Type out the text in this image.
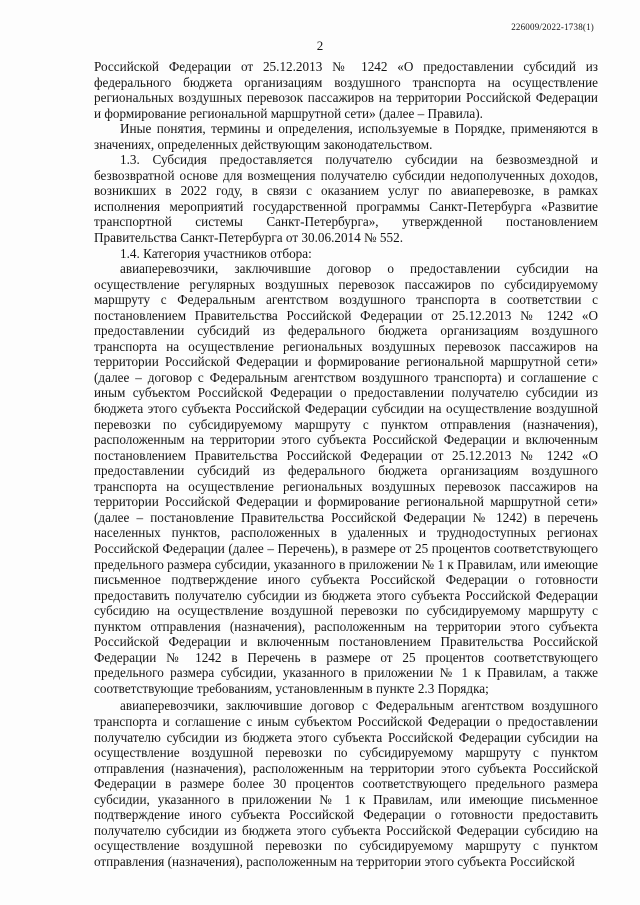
226009/2022-1738(1)
2

Российской Федерации от 25.12.2013 № 1242 «О предоставлении субсидий из федерального бюджета организациям воздушного транспорта на осуществление региональных воздушных перевозок пассажиров на территории Российской Федерации и формирование региональной маршрутной сети» (далее – Правила).

Иные понятия, термины и определения, используемые в Порядке, применяются в значениях, определенных действующим законодательством.

1.3. Субсидия предоставляется получателю субсидии на безвозмездной и безвозвратной основе для возмещения получателю субсидии недополученных доходов, возникших в 2022 году, в связи с оказанием услуг по авиаперевозке, в рамках исполнения мероприятий государственной программы Санкт-Петербурга «Развитие транспортной системы Санкт-Петербурга», утвержденной постановлением Правительства Санкт-Петербурга от 30.06.2014 № 552.

1.4. Категория участников отбора:

авиаперевозчики, заключившие договор о предоставлении субсидии на осуществление регулярных воздушных перевозок пассажиров по субсидируемому маршруту с Федеральным агентством воздушного транспорта в соответствии с постановлением Правительства Российской Федерации от 25.12.2013 № 1242 «О предоставлении субсидий из федерального бюджета организациям воздушного транспорта на осуществление региональных воздушных перевозок пассажиров на территории Российской Федерации и формирование региональной маршрутной сети» (далее – договор с Федеральным агентством воздушного транспорта) и соглашение с иным субъектом Российской Федерации о предоставлении получателю субсидии из бюджета этого субъекта Российской Федерации субсидии на осуществление воздушной перевозки по субсидируемому маршруту с пунктом отправления (назначения), расположенным на территории этого субъекта Российской Федерации и включенным постановлением Правительства Российской Федерации от 25.12.2013 № 1242 «О предоставлении субсидий из федерального бюджета организациям воздушного транспорта на осуществление региональных воздушных перевозок пассажиров на территории Российской Федерации и формирование региональной маршрутной сети» (далее – постановление Правительства Российской Федерации № 1242) в перечень населенных пунктов, расположенных в удаленных и труднодоступных регионах Российской Федерации (далее – Перечень), в размере от 25 процентов соответствующего предельного размера субсидии, указанного в приложении № 1 к Правилам, или имеющие письменное подтверждение иного субъекта Российской Федерации о готовности предоставить получателю субсидии из бюджета этого субъекта Российской Федерации субсидию на осуществление воздушной перевозки по субсидируемому маршруту с пунктом отправления (назначения), расположенным на территории этого субъекта Российской Федерации и включенным постановлением Правительства Российской Федерации № 1242 в Перечень в размере от 25 процентов соответствующего предельного размера субсидии, указанного в приложении № 1 к Правилам, а также соответствующие требованиям, установленным в пункте 2.3 Порядка;

авиаперевозчики, заключившие договор с Федеральным агентством воздушного транспорта и соглашение с иным субъектом Российской Федерации о предоставлении получателю субсидии из бюджета этого субъекта Российской Федерации субсидии на осуществление воздушной перевозки по субсидируемому маршруту с пунктом отправления (назначения), расположенным на территории этого субъекта Российской Федерации в размере более 30 процентов соответствующего предельного размера субсидии, указанного в приложении № 1 к Правилам, или имеющие письменное подтверждение иного субъекта Российской Федерации о готовности предоставить получателю субсидии из бюджета этого субъекта Российской Федерации субсидию на осуществление воздушной перевозки по субсидируемому маршруту с пунктом отправления (назначения), расположенным на территории этого субъекта Российской
